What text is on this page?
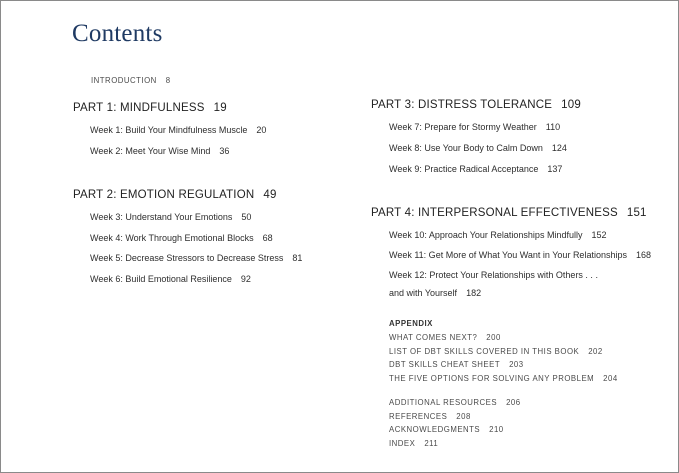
Contents
INTRODUCTION 8
PART 1: MINDFULNESS 19
Week 1: Build Your Mindfulness Muscle 20
Week 2: Meet Your Wise Mind 36
PART 2: EMOTION REGULATION 49
Week 3: Understand Your Emotions 50
Week 4: Work Through Emotional Blocks 68
Week 5: Decrease Stressors to Decrease Stress 81
Week 6: Build Emotional Resilience 92
PART 3: DISTRESS TOLERANCE 109
Week 7: Prepare for Stormy Weather 110
Week 8: Use Your Body to Calm Down 124
Week 9: Practice Radical Acceptance 137
PART 4: INTERPERSONAL EFFECTIVENESS 151
Week 10: Approach Your Relationships Mindfully 152
Week 11: Get More of What You Want in Your Relationships 168
Week 12: Protect Your Relationships with Others . . .
and with Yourself 182
APPENDIX
WHAT COMES NEXT? 200
LIST OF DBT SKILLS COVERED IN THIS BOOK 202
DBT SKILLS CHEAT SHEET 203
THE FIVE OPTIONS FOR SOLVING ANY PROBLEM 204
ADDITIONAL RESOURCES 206
REFERENCES 208
ACKNOWLEDGMENTS 210
INDEX 211
